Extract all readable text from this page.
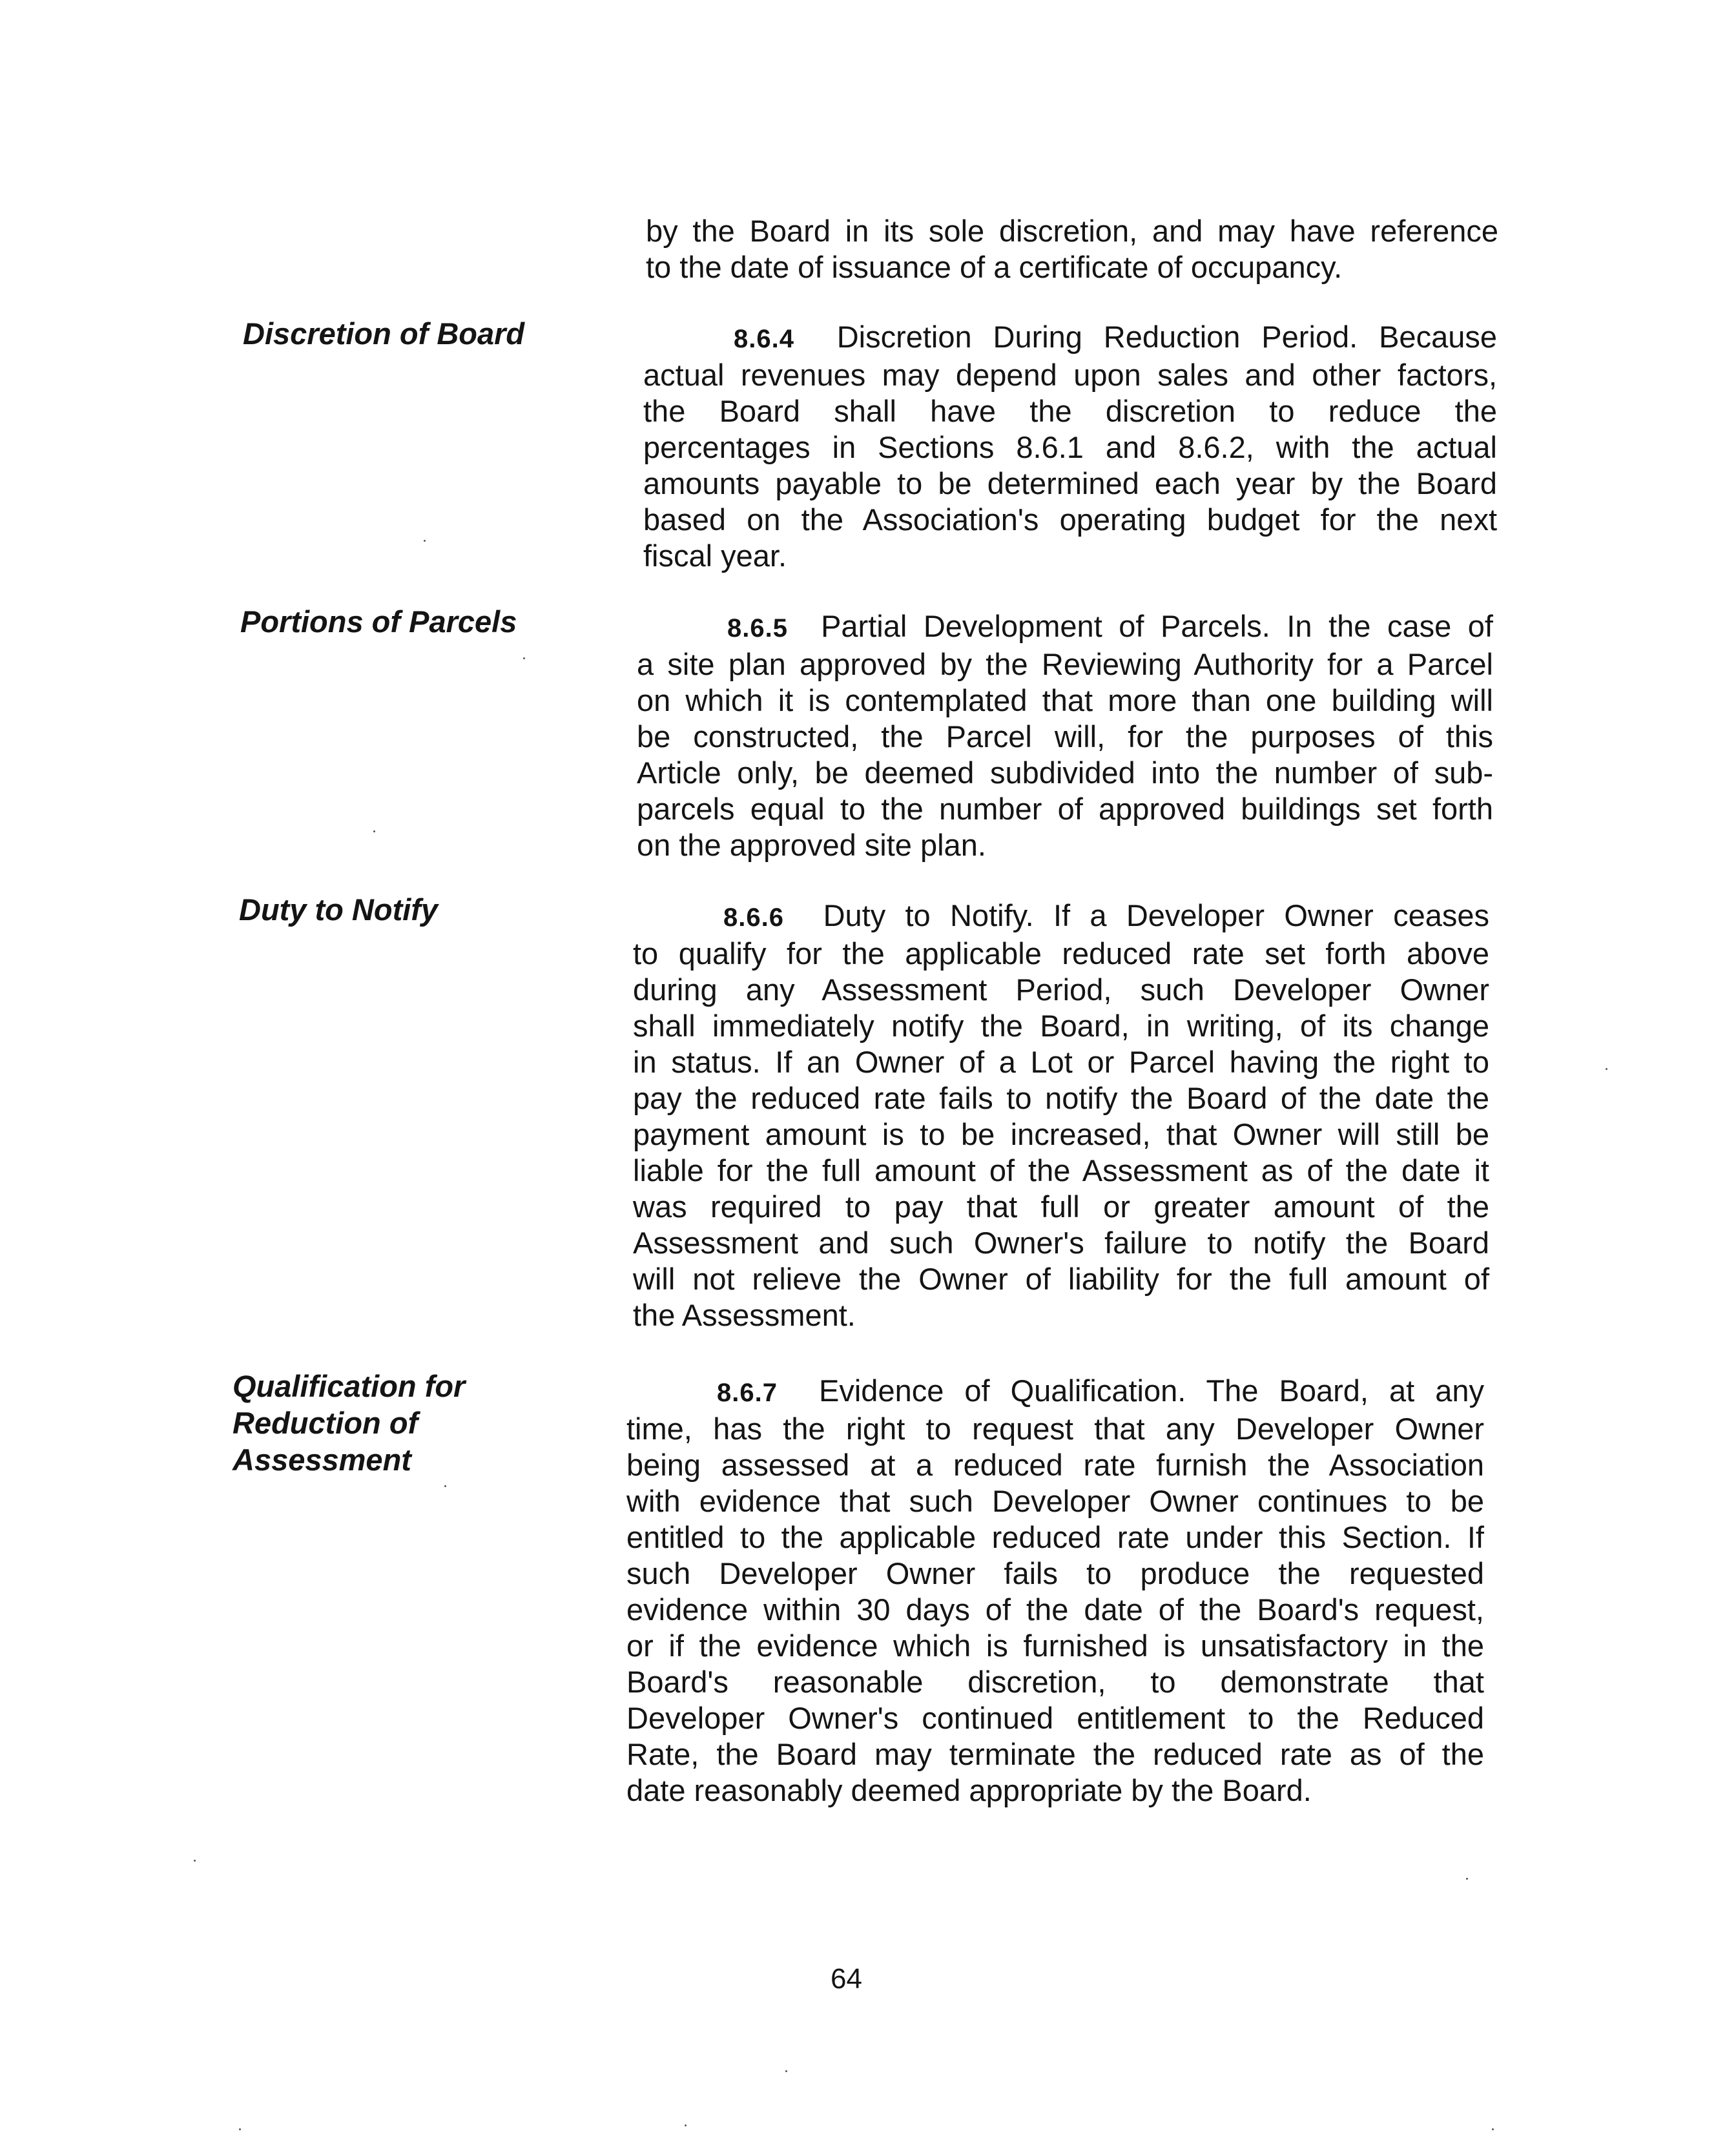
by the Board in its sole discretion, and may have reference
to the date of issuance of a certificate of occupancy.
Discretion of Board	8.6.4 Discretion During Reduction Period. Because
actual revenues may depend upon sales and other factors,
the Board shall have the discretion to reduce the
percentages in Sections 8.6.1 and 8.6.2, with the actual
amounts payable to be determined each year by the Board
based on the Association's operating budget for the next
fiscal year.
Portions of Parcels	8.6.5 Partial Development of Parcels. In the case of
a site plan approved by the Reviewing Authority for a Parcel
on which it is contemplated that more than one building will
be constructed, the Parcel will, for the purposes of this
Article only, be deemed subdivided into the number of sub-
parcels equal to the number of approved buildings set forth
on the approved site plan.
Duty to Notify	8.6.6 Duty to Notify. If a Developer Owner ceases
to qualify for the applicable reduced rate set forth above
during any Assessment Period, such Developer Owner
shall immediately notify the Board, in writing, of its change
in status. If an Owner of a Lot or Parcel having the right to
pay the reduced rate fails to notify the Board of the date the
payment amount is to be increased, that Owner will still be
liable for the full amount of the Assessment as of the date it
was required to pay that full or greater amount of the
Assessment and such Owner's failure to notify the Board
will not relieve the Owner of liability for the full amount of
the Assessment.
Qualification for
Reduction of
Assessment
8.6.7 Evidence of Qualification. The Board, at any
time, has the right to request that any Developer Owner
being assessed at a reduced rate furnish the Association
with evidence that such Developer Owner continues to be
entitled to the applicable reduced rate under this Section. If
such Developer Owner fails to produce the requested
evidence within 30 days of the date of the Board's request,
or if the evidence which is furnished is unsatisfactory in the
Board's reasonable discretion, to demonstrate that
Developer Owner's continued entitlement to the Reduced
Rate, the Board may terminate the reduced rate as of the
date reasonably deemed appropriate by the Board.
64
